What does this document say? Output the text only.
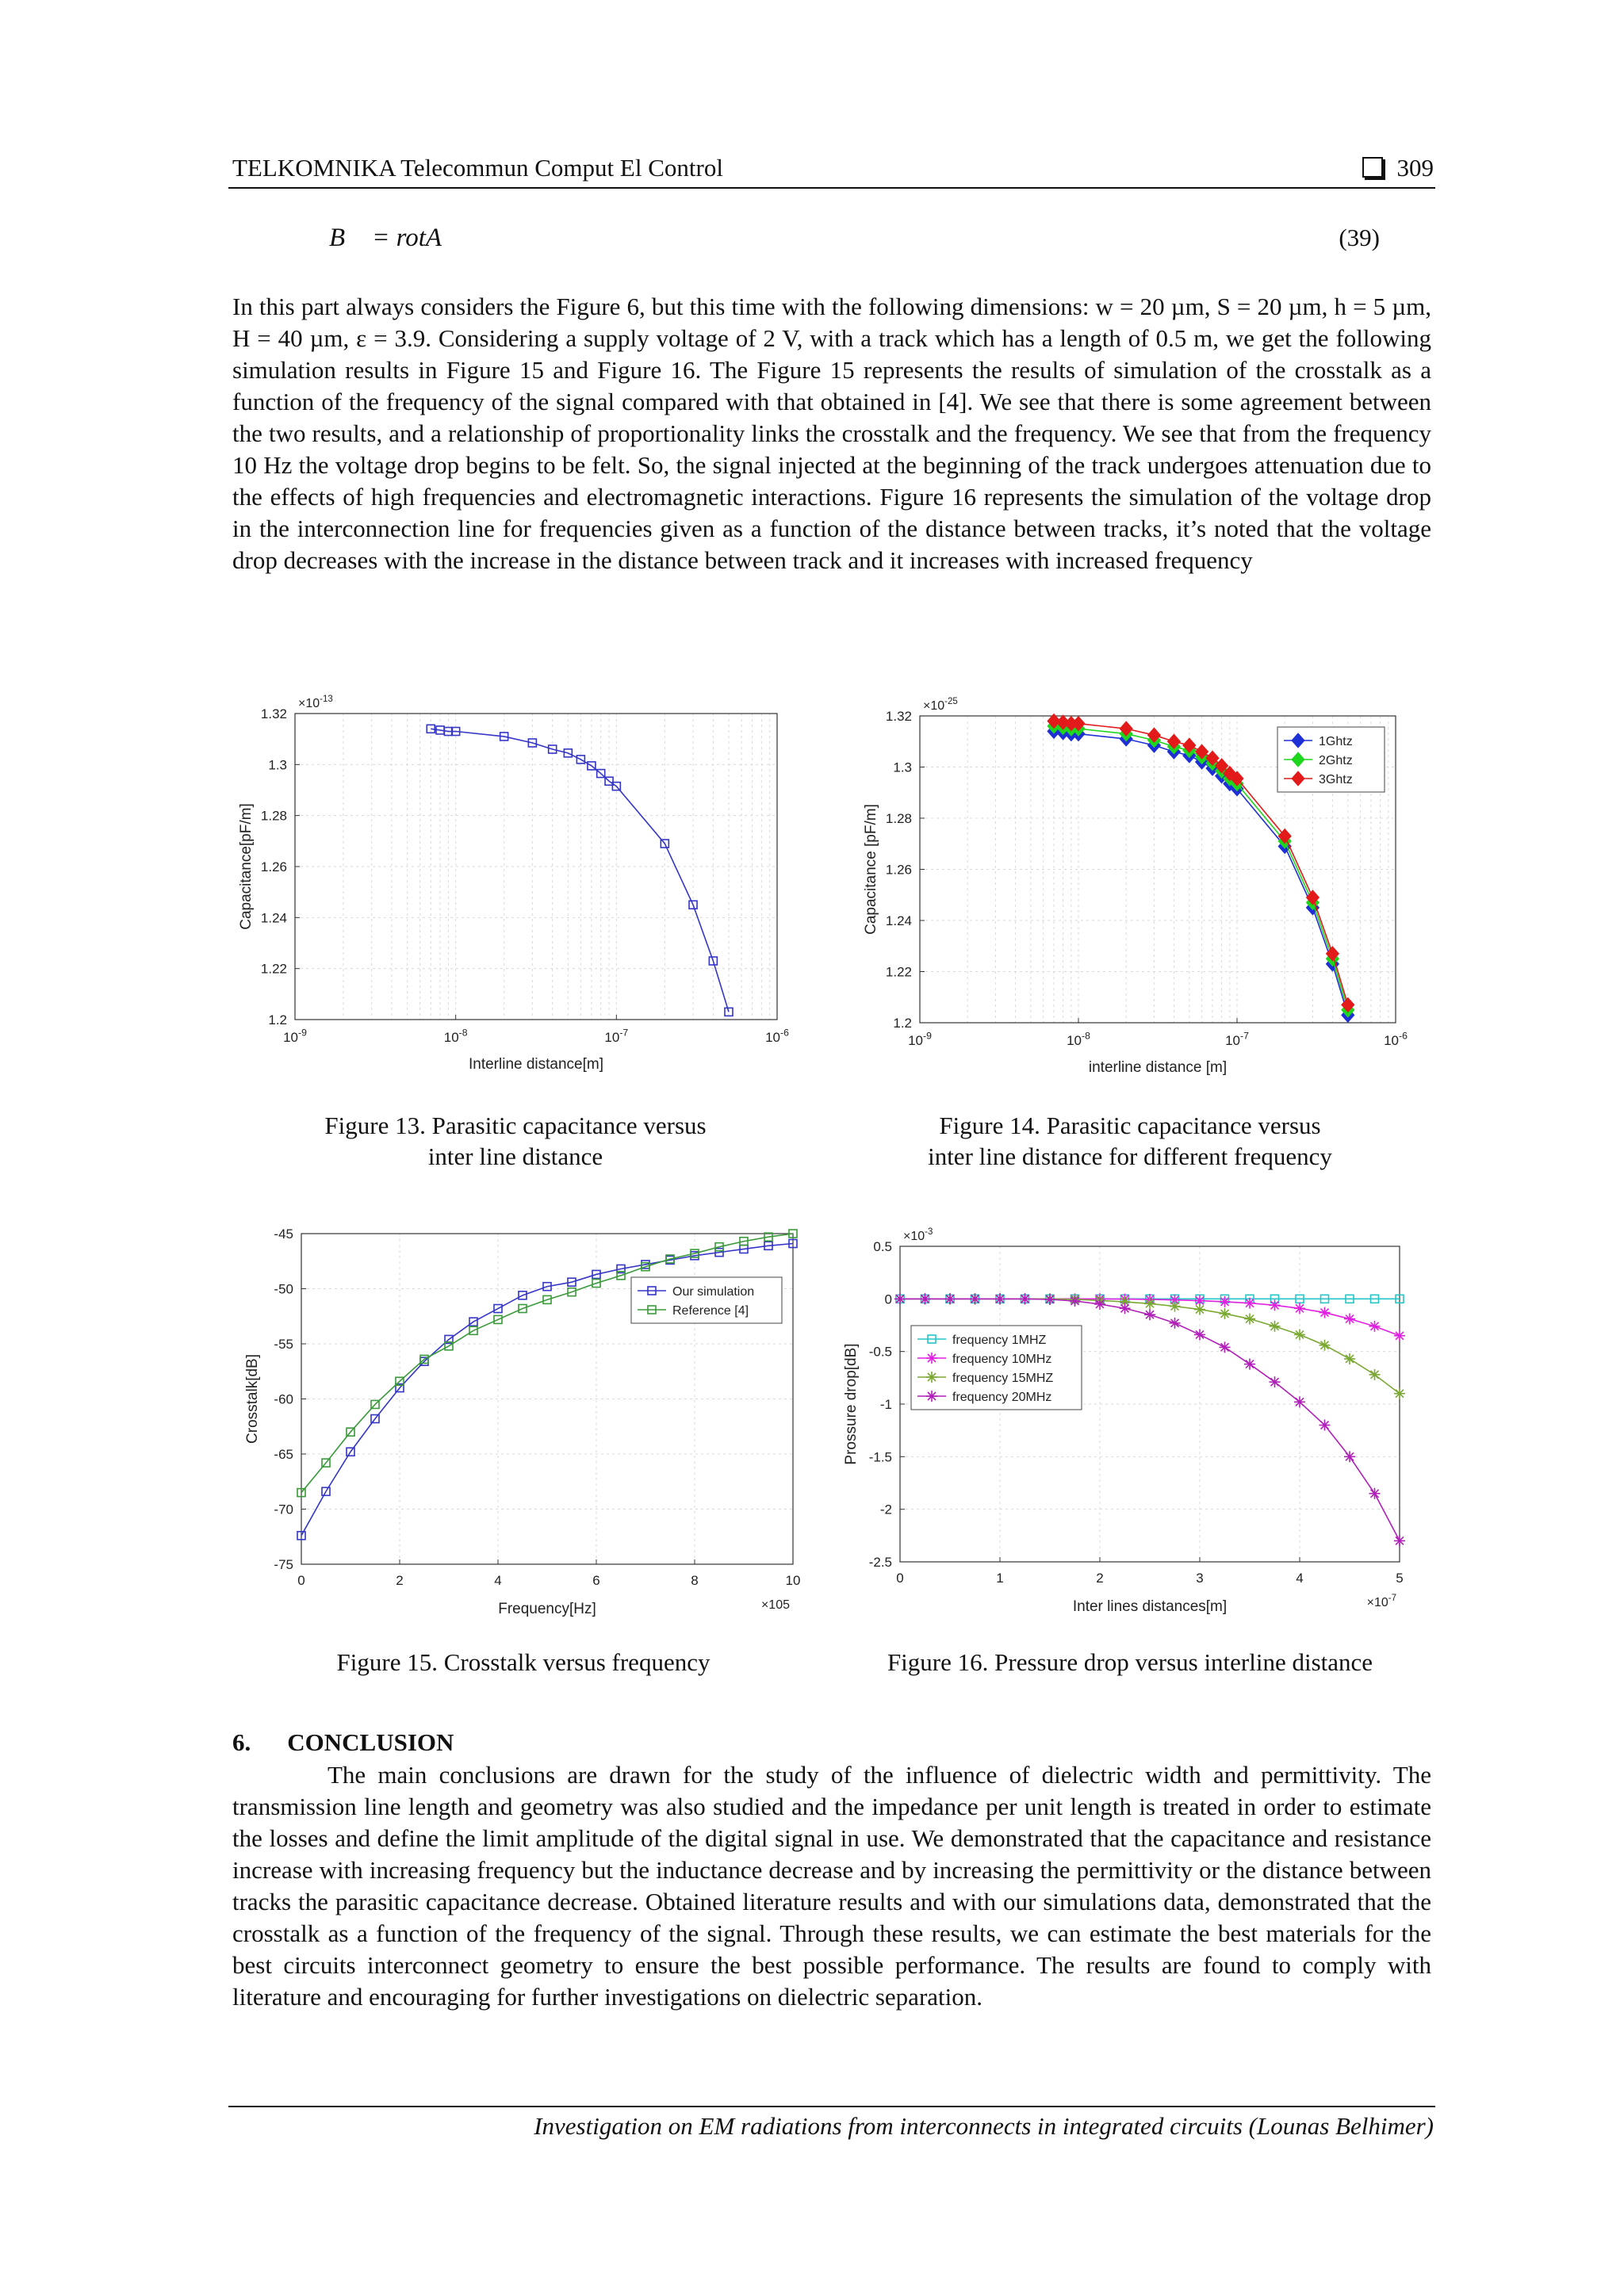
TELKOMNIKA Telecommun Comput El Control	309
B⃗ = rotA⃗	(39)
In this part always considers the Figure 6, but this time with the following dimensions: w = 20 µm, S = 20 µm, h = 5 µm, H = 40 µm, ε = 3.9. Considering a supply voltage of 2 V, with a track which has a length of 0.5 m, we get the following simulation results in Figure 15 and Figure 16. The Figure 15 represents the results of simulation of the crosstalk as a function of the frequency of the signal compared with that obtained in [4]. We see that there is some agreement between the two results, and a relationship of proportionality links the crosstalk and the frequency. We see that from the frequency 10 Hz the voltage drop begins to be felt. So, the signal injected at the beginning of the track undergoes attenuation due to the effects of high frequencies and electromagnetic interactions. Figure 16 represents the simulation of the voltage drop in the interconnection line for frequencies given as a function of the distance between tracks, it’s noted that the voltage drop decreases with the increase in the distance between track and it increases with increased frequency
$10^{-9}$	$10^{-8}$	$10^{-7}$	$10^{-6}$
1.2
1.22
1.24
1.26
1.28
1.3
1.32
$\times 10^{-13}$
Interline distance[m]
Capacitance[pF/m]
Figure 13. Parasitic capacitance versus
inter line distance
$10^{-9}$	$10^{-8}$	$10^{-7}$	$10^{-6}$
1.2
1.22
1.24
1.26
1.28
1.3
1.32
$\times 10^{-25}$
interline distance [m]
Capacitance [pF/m]
1Ghtz
2Ghtz
3Ghtz
Figure 14. Parasitic capacitance versus
inter line distance for different frequency
0	2	4	6	8	10
-75
-70
-65
-60
-55
-50
-45
×105
Frequency[Hz]
Crosstalk[dB]
Our simulation
Reference [4]
Figure 15. Crosstalk versus frequency
0	1	2	3	4	5
-2.5
-2
-1.5
-1
-0.5
0
0.5
$\times 10^{-3}$
$\times 10^{-7}$
Inter lines distances[m]
Prossure drop[dB]
frequency 1MHZ
frequency 10MHz
frequency 15MHZ
frequency 20MHz
Figure 16. Pressure drop versus interline distance
6. CONCLUSION
The main conclusions are drawn for the study of the influence of dielectric width and permittivity. The transmission line length and geometry was also studied and the impedance per unit length is treated in order to estimate the losses and define the limit amplitude of the digital signal in use. We demonstrated that the capacitance and resistance increase with increasing frequency but the inductance decrease and by increasing the permittivity or the distance between tracks the parasitic capacitance decrease. Obtained literature results and with our simulations data, demonstrated that the crosstalk as a function of the frequency of the signal. Through these results, we can estimate the best materials for the best circuits interconnect geometry to ensure the best possible performance. The results are found to comply with literature and encouraging for further investigations on dielectric separation.
Investigation on EM radiations from interconnects in integrated circuits (Lounas Belhimer)
